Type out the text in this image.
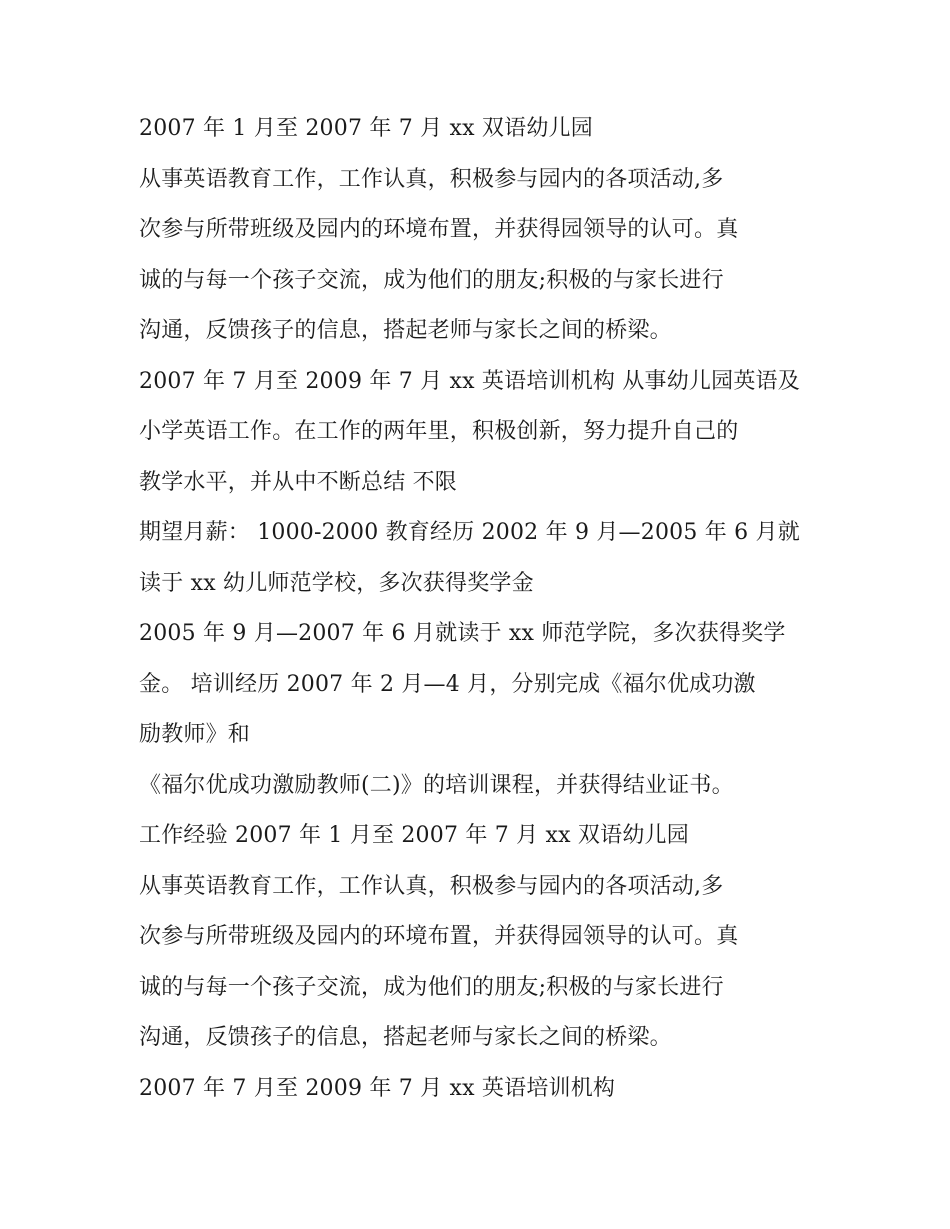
2007 年 1 月至 2007 年 7 月 xx 双语幼儿园
从事英语教育工作，工作认真，积极参与园内的各项活动,多
次参与所带班级及园内的环境布置，并获得园领导的认可。真
诚的与每一个孩子交流，成为他们的朋友;积极的与家长进行
沟通，反馈孩子的信息，搭起老师与家长之间的桥梁。
2007 年 7 月至 2009 年 7 月 xx 英语培训机构 从事幼儿园英语及
小学英语工作。在工作的两年里，积极创新，努力提升自己的
教学水平，并从中不断总结 不限
期望月薪： 1000-2000 教育经历 2002 年 9 月—2005 年 6 月就
读于 xx 幼儿师范学校，多次获得奖学金
2005 年 9 月—2007 年 6 月就读于 xx 师范学院，多次获得奖学
金。 培训经历 2007 年 2 月—4 月，分别完成《福尔优成功激
励教师》和
《福尔优成功激励教师(二)》的培训课程，并获得结业证书。
工作经验 2007 年 1 月至 2007 年 7 月 xx 双语幼儿园
从事英语教育工作，工作认真，积极参与园内的各项活动,多
次参与所带班级及园内的环境布置，并获得园领导的认可。真
诚的与每一个孩子交流，成为他们的朋友;积极的与家长进行
沟通，反馈孩子的信息，搭起老师与家长之间的桥梁。
2007 年 7 月至 2009 年 7 月 xx 英语培训机构
